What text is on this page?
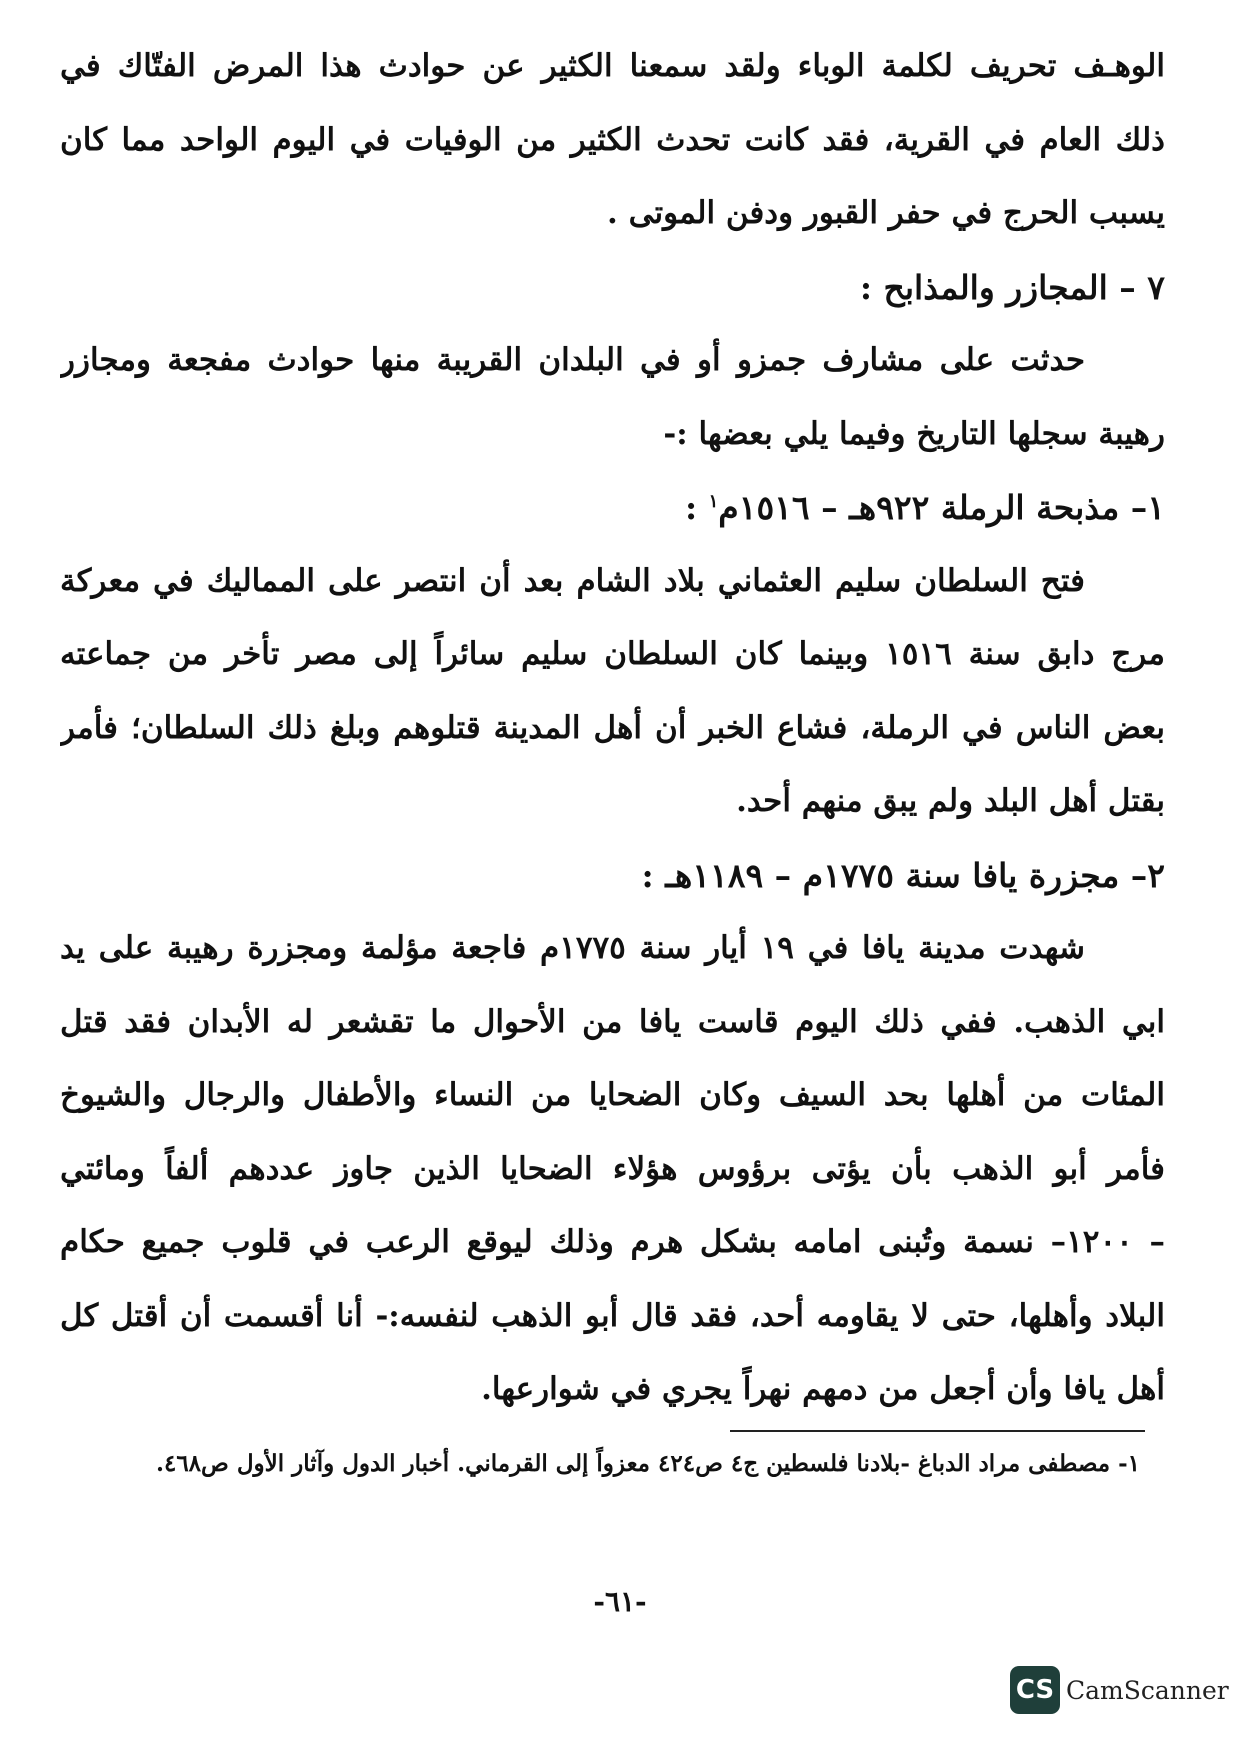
الوهـف تحريف لكلمة الوباء ولقد سمعنا الكثير عن حوادث هذا المرض الفتّاك في
ذلك العام في القرية، فقد كانت تحدث الكثير من الوفيات في اليوم الواحد مما كان
يسبب الحرج في حفر القبور ودفن الموتى .
٧ – المجازر والمذابح :
حدثت على مشارف جمزو أو في البلدان القريبة منها حوادث مفجعة ومجازر
رهيبة سجلها التاريخ وفيما يلي بعضها :-
١– مذبحة الرملة ٩٢٢هـ – ١٥١٦م$^١$ :
فتح السلطان سليم العثماني بلاد الشام بعد أن انتصر على المماليك في معركة
مرج دابق سنة ١٥١٦ وبينما كان السلطان سليم سائراً إلى مصر تأخر من جماعته
بعض الناس في الرملة، فشاع الخبر أن أهل المدينة قتلوهم وبلغ ذلك السلطان؛ فأمر
بقتل أهل البلد ولم يبق منهم أحد.
٢– مجزرة يافا سنة ١٧٧٥م – ١١٨٩هـ :
شهدت مدينة يافا في ١٩ أيار سنة ١٧٧٥م فاجعة مؤلمة ومجزرة رهيبة على يد
ابي الذهب. ففي ذلك اليوم قاست يافا من الأحوال ما تقشعر له الأبدان فقد قتل
المئات من أهلها بحد السيف وكان الضحايا من النساء والأطفال والرجال والشيوخ
فأمر أبو الذهب بأن يؤتى برؤوس هؤلاء الضحايا الذين جاوز عددهم ألفاً ومائتي
– ١٢٠٠– نسمة وتُبنى امامه بشكل هرم وذلك ليوقع الرعب في قلوب جميع حكام
البلاد وأهلها، حتى لا يقاومه أحد، فقد قال أبو الذهب لنفسه:- أنا أقسمت أن أقتل كل
أهل يافا وأن أجعل من دمهم نهراً يجري في شوارعها.
١- مصطفى مراد الدباغ -بلادنا فلسطين ج٤ ص٤٢٤ معزواً إلى القرماني. أخبار الدول وآثار الأول ص٤٦٨.
-٦١-
CS CamScanner
